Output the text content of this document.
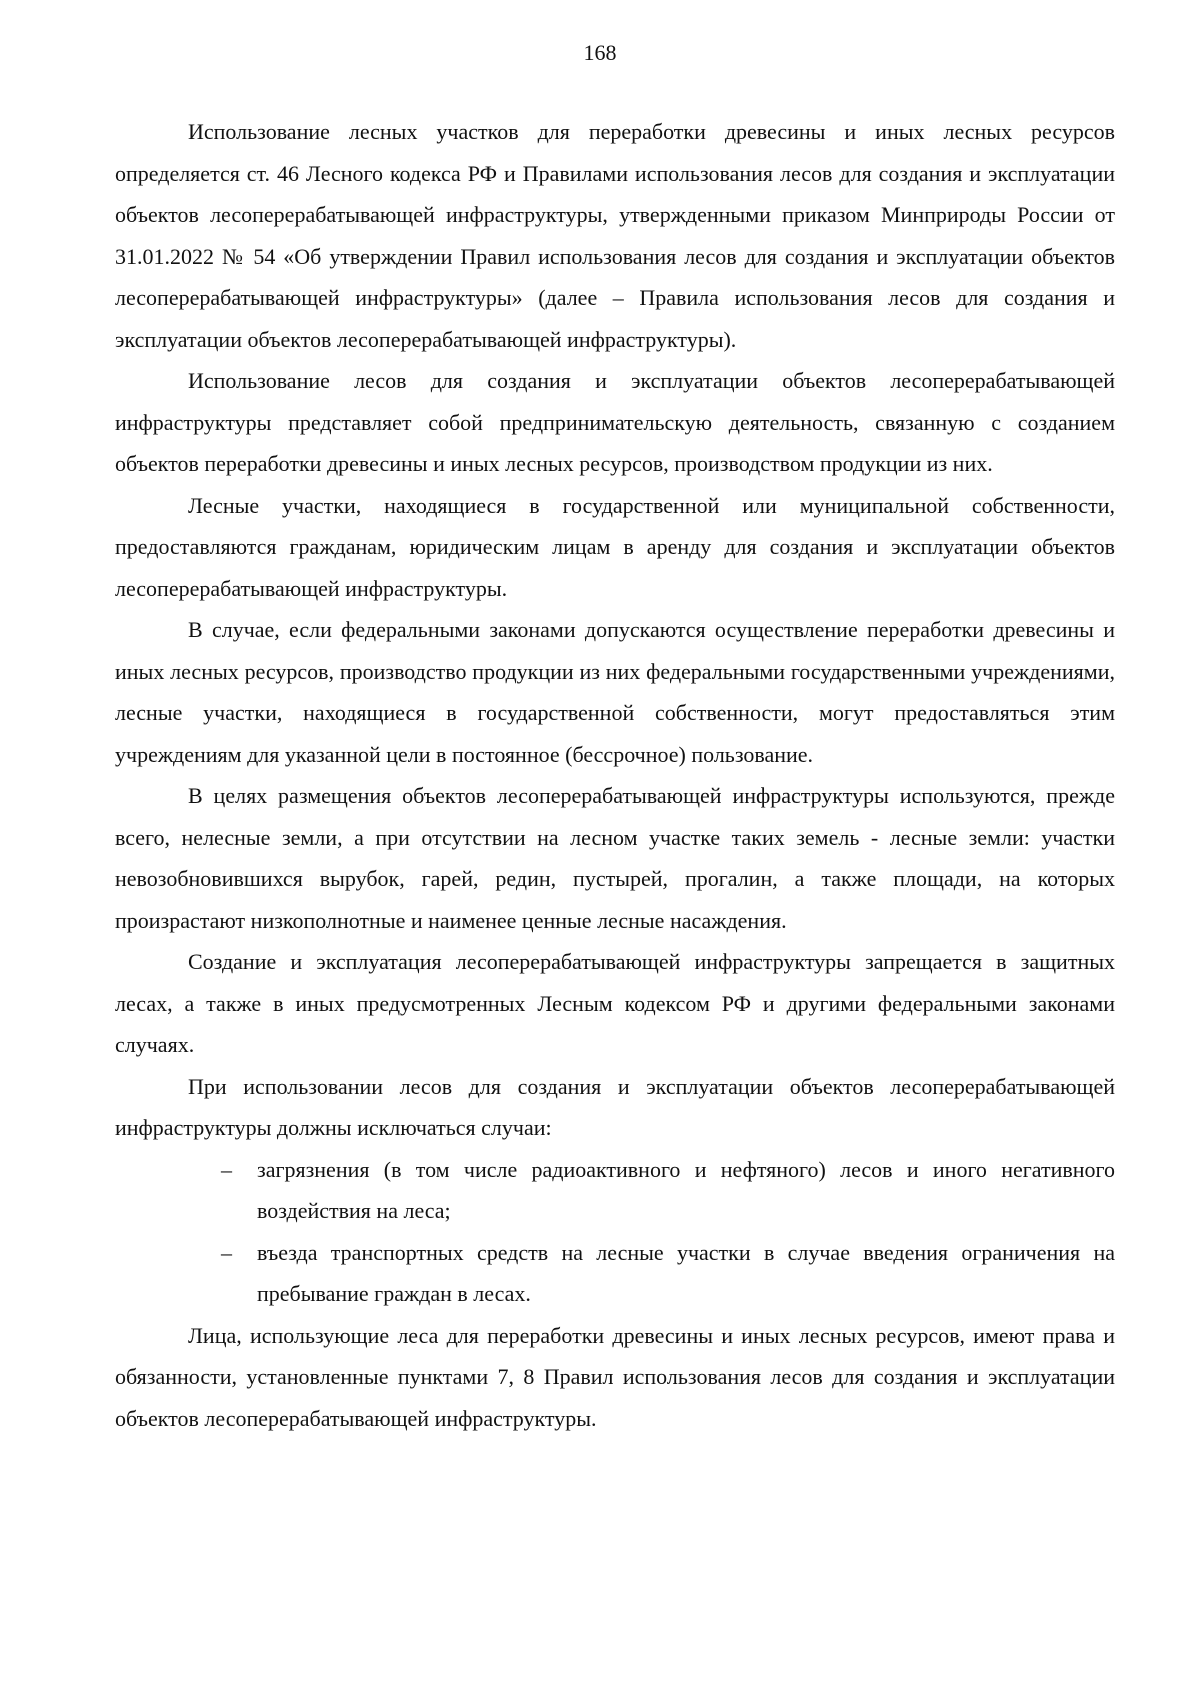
168

Использование лесных участков для переработки древесины и иных лесных ресурсов определяется ст. 46 Лесного кодекса РФ и Правилами использования лесов для создания и эксплуатации объектов лесоперерабатывающей инфраструктуры, утвержденными приказом Минприроды России от 31.01.2022 № 54 «Об утверждении Правил использования лесов для создания и эксплуатации объектов лесоперерабатывающей инфраструктуры» (далее – Правила использования лесов для создания и эксплуатации объектов лесоперерабатывающей инфраструктуры).

Использование лесов для создания и эксплуатации объектов лесоперерабатывающей инфраструктуры представляет собой предпринимательскую деятельность, связанную с созданием объектов переработки древесины и иных лесных ресурсов, производством продукции из них.

Лесные участки, находящиеся в государственной или муниципальной собственности, предоставляются гражданам, юридическим лицам в аренду для создания и эксплуатации объектов лесоперерабатывающей инфраструктуры.

В случае, если федеральными законами допускаются осуществление переработки древесины и иных лесных ресурсов, производство продукции из них федеральными государственными учреждениями, лесные участки, находящиеся в государственной собственности, могут предоставляться этим учреждениям для указанной цели в постоянное (бессрочное) пользование.

В целях размещения объектов лесоперерабатывающей инфраструктуры используются, прежде всего, нелесные земли, а при отсутствии на лесном участке таких земель - лесные земли: участки невозобновившихся вырубок, гарей, редин, пустырей, прогалин, а также площади, на которых произрастают низкополнотные и наименее ценные лесные насаждения.

Создание и эксплуатация лесоперерабатывающей инфраструктуры запрещается в защитных лесах, а также в иных предусмотренных Лесным кодексом РФ и другими федеральными законами случаях.

При использовании лесов для создания и эксплуатации объектов лесоперерабатывающей инфраструктуры должны исключаться случаи:

– загрязнения (в том числе радиоактивного и нефтяного) лесов и иного негативного воздействия на леса;
– въезда транспортных средств на лесные участки в случае введения ограничения на пребывание граждан в лесах.

Лица, использующие леса для переработки древесины и иных лесных ресурсов, имеют права и обязанности, установленные пунктами 7, 8 Правил использования лесов для создания и эксплуатации объектов лесоперерабатывающей инфраструктуры.
